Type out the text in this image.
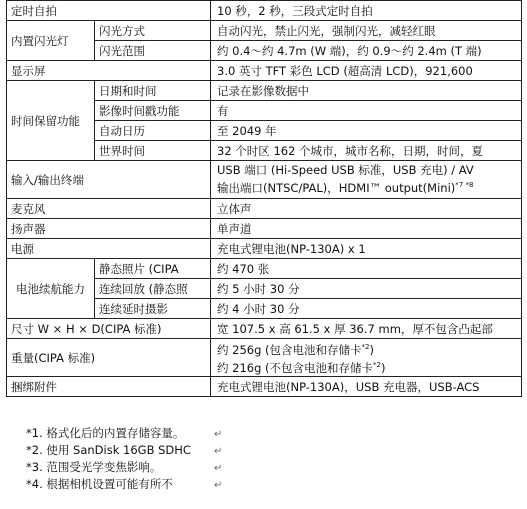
定时自拍		10 秒，2 秒，三段式定时自拍
内置闪光灯	闪光方式	自动闪光，禁止闪光，强制闪光，减轻红眼
	闪光范围	约 0.4～约 4.7m (W 端)，约 0.9～约 2.4m (T 端)
显示屏		3.0 英寸 TFT 彩色 LCD (超高清 LCD)，921,600
时间保留功能	日期和时间	记录在影像数据中
	影像时间戳功能	有
	自动日历	至 2049 年
	世界时间	32 个时区 162 个城市，城市名称，日期，时间，夏
输入/输出终端		USB 端口 (Hi-Speed USB 标准，USB 充电) / AV
输出端口(NTSC/PAL)，HDMI™ output(Mini)$^{*7 *8}$

麦克风		立体声
扬声器		单声道
电源		充电式锂电池(NP-130A) x 1
电池续航能力	静态照片 (CIPA	约 470 张
	连续回放 (静态照	约 5 小时 30 分
	连续延时摄影	约 4 小时 30 分
尺寸 W × H × D(CIPA 标准)		宽 107.5 x 高 61.5 x 厚 36.7 mm，厚不包含凸起部
重量(CIPA 标准)		约 256g (包含电池和存储卡$^{*2}$)
约 216g (不包含电池和存储卡$^{*2}$)

捆绑附件		充电式锂电池(NP-130A)，USB 充电器，USB-ACS
*1. 格式化后的内置存储容量。	↵
*2. 使用 SanDisk 16GB SDHC	↵
*3. 范围受光学变焦影响。	↵
*4. 根据相机设置可能有所不	↵
